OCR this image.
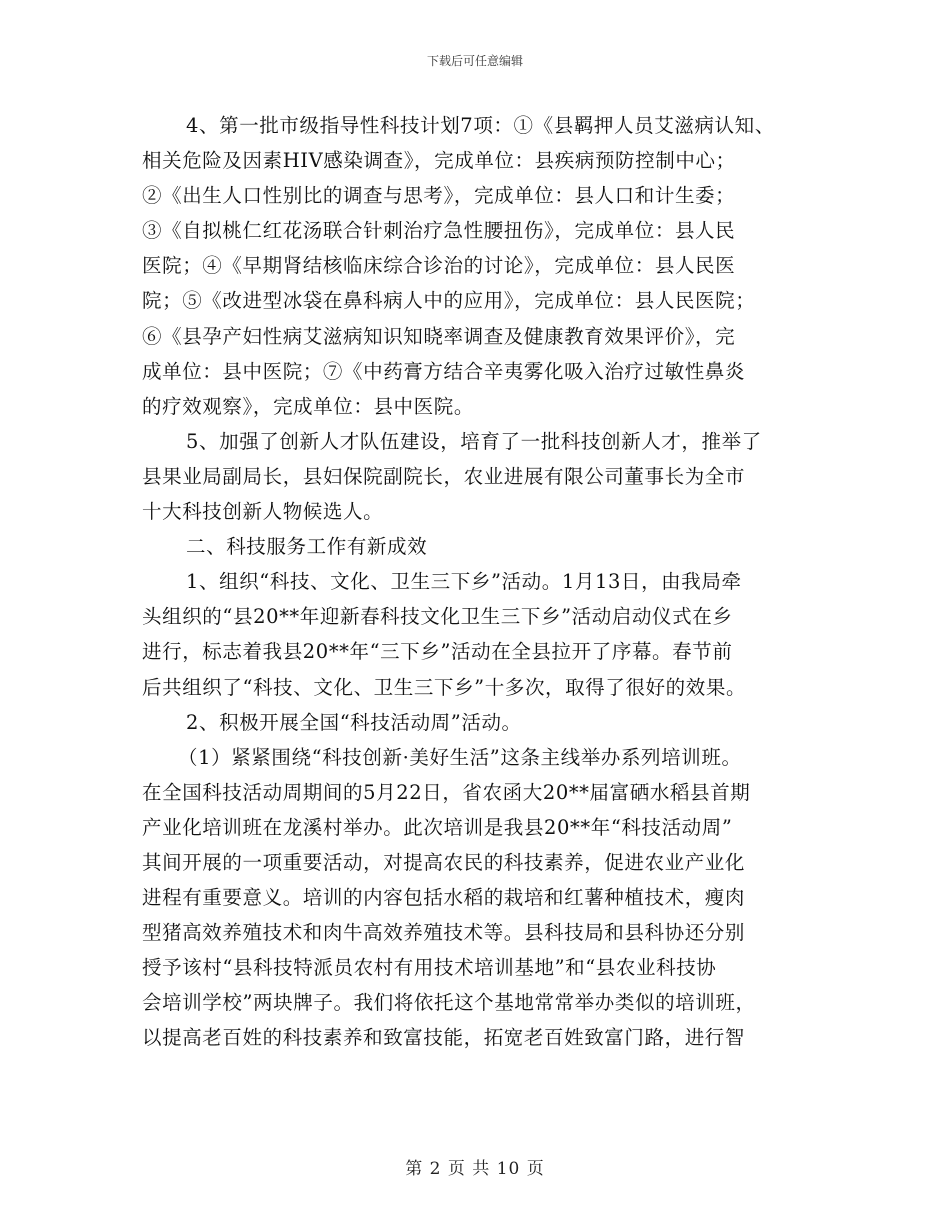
下载后可任意编辑
4、第一批市级指导性科技计划7项：①《县羁押人员艾滋病认知、
相关危险及因素HIV感染调查》，完成单位：县疾病预防控制中心；
②《出生人口性别比的调查与思考》，完成单位：县人口和计生委；
③《自拟桃仁红花汤联合针刺治疗急性腰扭伤》，完成单位：县人民
医院；④《早期肾结核临床综合诊治的讨论》，完成单位：县人民医
院；⑤《改进型冰袋在鼻科病人中的应用》，完成单位：县人民医院；
⑥《县孕产妇性病艾滋病知识知晓率调查及健康教育效果评价》，完
成单位：县中医院；⑦《中药膏方结合辛夷雾化吸入治疗过敏性鼻炎
的疗效观察》，完成单位：县中医院。
5、加强了创新人才队伍建设，培育了一批科技创新人才，推举了
县果业局副局长，县妇保院副院长，农业进展有限公司董事长为全市
十大科技创新人物候选人。
二、科技服务工作有新成效
1、组织“科技、文化、卫生三下乡”活动。1月13日，由我局牵
头组织的“县20**年迎新春科技文化卫生三下乡”活动启动仪式在乡
进行，标志着我县20**年“三下乡”活动在全县拉开了序幕。春节前
后共组织了“科技、文化、卫生三下乡”十多次，取得了很好的效果。
2、积极开展全国“科技活动周”活动。
（1）紧紧围绕“科技创新·美好生活”这条主线举办系列培训班。
在全国科技活动周期间的5月22日，省农函大20**届富硒水稻县首期
产业化培训班在龙溪村举办。此次培训是我县20**年“科技活动周”
其间开展的一项重要活动，对提高农民的科技素养，促进农业产业化
进程有重要意义。培训的内容包括水稻的栽培和红薯种植技术，瘦肉
型猪高效养殖技术和肉牛高效养殖技术等。县科技局和县科协还分别
授予该村“县科技特派员农村有用技术培训基地”和“县农业科技协
会培训学校”两块牌子。我们将依托这个基地常常举办类似的培训班，
以提高老百姓的科技素养和致富技能，拓宽老百姓致富门路，进行智
第 2 页 共 10 页
